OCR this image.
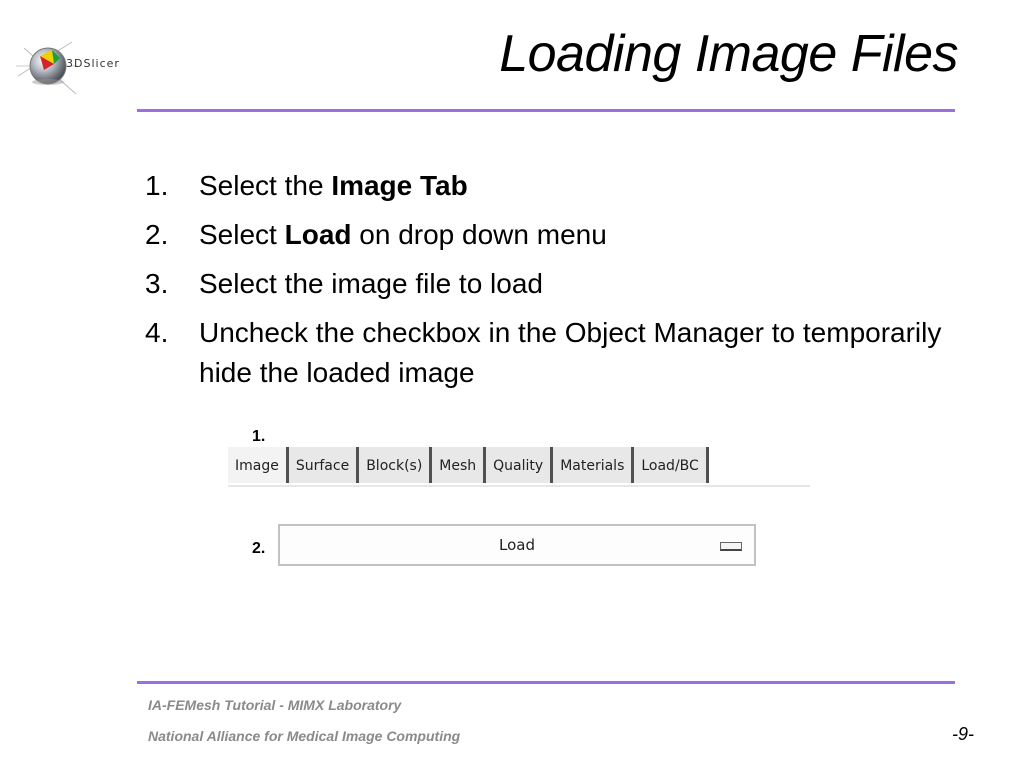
3DSlicer	Loading Image Files
1. Select the Image Tab
2. Select Load on drop down menu
3. Select the image file to load
4. Uncheck the checkbox in the Object Manager to temporarily hide the loaded image
1.
Image	Surface	Block(s)	Mesh	Quality	Materials	Load/BC
2.	Load
IA-FEMesh Tutorial - MIMX Laboratory
National Alliance for Medical Image Computing	-9-
